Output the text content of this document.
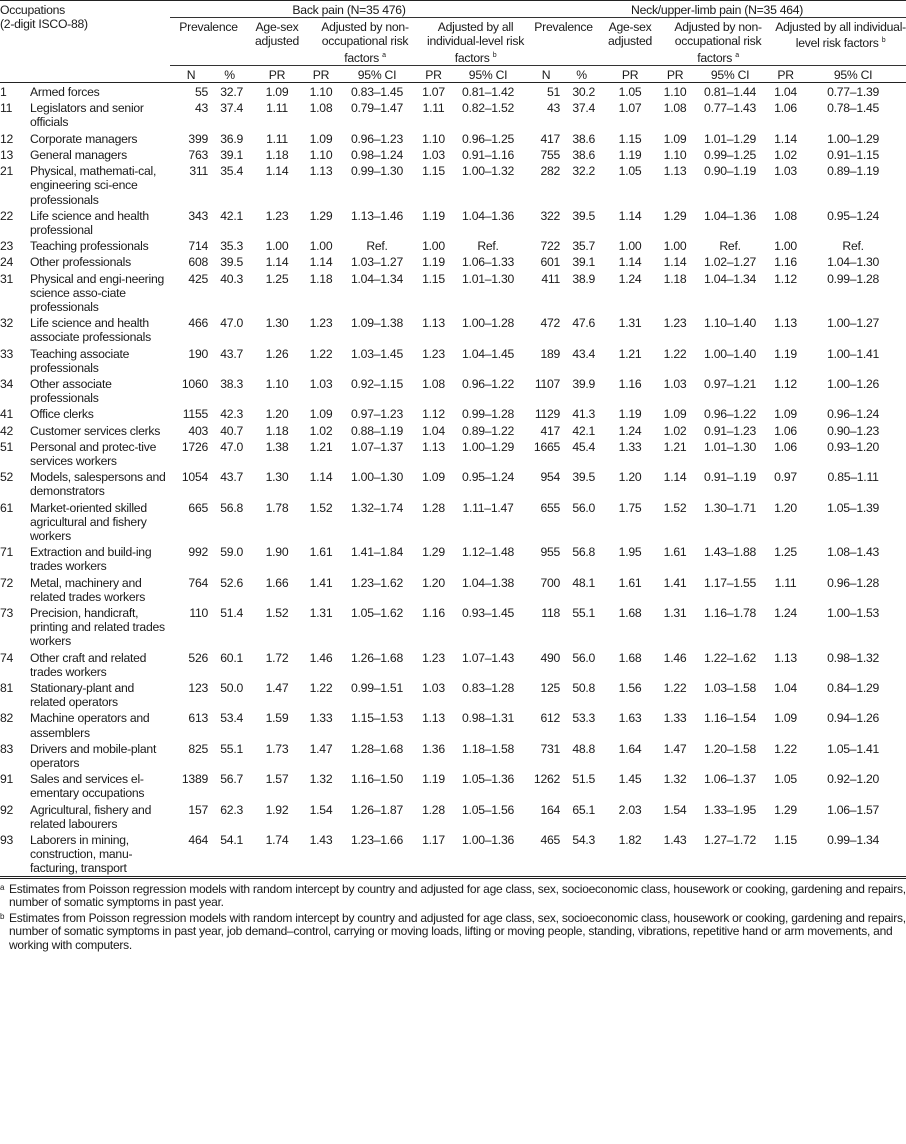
Occupations
(2-digit ISCO-88)		Back pain (N=35 476)							Neck/upper-limb pain (N=35 464)						
		Prevalence		Age-sex adjusted	Adjusted by non-occupational risk factors $^a$		Adjusted by all individual-level risk factors $^b$		Prevalence		Age-sex adjusted	Adjusted by non-occupational risk factors $^a$		Adjusted by all individual-level risk factors $^b$
		N	%	PR	PR	95% CI	PR	95% CI	N	%	PR	PR	95% CI	PR	95% CI
1	Armed forces	55	32.7	1.09	1.10	0.83–1.45	1.07	0.81–1.42	51	30.2	1.05	1.10	0.81–1.44	1.04	0.77–1.39
11	Legislators and senior officials	43	37.4	1.11	1.08	0.79–1.47	1.11	0.82–1.52	43	37.4	1.07	1.08	0.77–1.43	1.06	0.78–1.45
12	Corporate managers	399	36.9	1.11	1.09	0.96–1.23	1.10	0.96–1.25	417	38.6	1.15	1.09	1.01–1.29	1.14	1.00–1.29
13	General managers	763	39.1	1.18	1.10	0.98–1.24	1.03	0.91–1.16	755	38.6	1.19	1.10	0.99–1.25	1.02	0.91–1.15
21	Physical, mathemati-cal, engineering sci-ence professionals	311	35.4	1.14	1.13	0.99–1.30	1.15	1.00–1.32	282	32.2	1.05	1.13	0.90–1.19	1.03	0.89–1.19
22	Life science and health professional	343	42.1	1.23	1.29	1.13–1.46	1.19	1.04–1.36	322	39.5	1.14	1.29	1.04–1.36	1.08	0.95–1.24
23	Teaching professionals	714	35.3	1.00	1.00	Ref.	1.00	Ref.	722	35.7	1.00	1.00	Ref.	1.00	Ref.
24	Other professionals	608	39.5	1.14	1.14	1.03–1.27	1.19	1.06–1.33	601	39.1	1.14	1.14	1.02–1.27	1.16	1.04–1.30
31	Physical and engi-neering science asso-ciate professionals	425	40.3	1.25	1.18	1.04–1.34	1.15	1.01–1.30	411	38.9	1.24	1.18	1.04–1.34	1.12	0.99–1.28
32	Life science and health associate professionals	466	47.0	1.30	1.23	1.09–1.38	1.13	1.00–1.28	472	47.6	1.31	1.23	1.10–1.40	1.13	1.00–1.27
33	Teaching associate professionals	190	43.7	1.26	1.22	1.03–1.45	1.23	1.04–1.45	189	43.4	1.21	1.22	1.00–1.40	1.19	1.00–1.41
34	Other associate professionals	1060	38.3	1.10	1.03	0.92–1.15	1.08	0.96–1.22	1107	39.9	1.16	1.03	0.97–1.21	1.12	1.00–1.26
41	Office clerks	1155	42.3	1.20	1.09	0.97–1.23	1.12	0.99–1.28	1129	41.3	1.19	1.09	0.96–1.22	1.09	0.96–1.24
42	Customer services clerks	403	40.7	1.18	1.02	0.88–1.19	1.04	0.89–1.22	417	42.1	1.24	1.02	0.91–1.23	1.06	0.90–1.23
51	Personal and protec-tive services workers	1726	47.0	1.38	1.21	1.07–1.37	1.13	1.00–1.29	1665	45.4	1.33	1.21	1.01–1.30	1.06	0.93–1.20
52	Models, salespersons and demonstrators	1054	43.7	1.30	1.14	1.00–1.30	1.09	0.95–1.24	954	39.5	1.20	1.14	0.91–1.19	0.97	0.85–1.11
61	Market-oriented skilled agricultural and fishery workers	665	56.8	1.78	1.52	1.32–1.74	1.28	1.11–1.47	655	56.0	1.75	1.52	1.30–1.71	1.20	1.05–1.39
71	Extraction and build-ing trades workers	992	59.0	1.90	1.61	1.41–1.84	1.29	1.12–1.48	955	56.8	1.95	1.61	1.43–1.88	1.25	1.08–1.43
72	Metal, machinery and related trades workers	764	52.6	1.66	1.41	1.23–1.62	1.20	1.04–1.38	700	48.1	1.61	1.41	1.17–1.55	1.11	0.96–1.28
73	Precision, handicraft, printing and related trades workers	110	51.4	1.52	1.31	1.05–1.62	1.16	0.93–1.45	118	55.1	1.68	1.31	1.16–1.78	1.24	1.00–1.53
74	Other craft and related trades workers	526	60.1	1.72	1.46	1.26–1.68	1.23	1.07–1.43	490	56.0	1.68	1.46	1.22–1.62	1.13	0.98–1.32
81	Stationary-plant and related operators	123	50.0	1.47	1.22	0.99–1.51	1.03	0.83–1.28	125	50.8	1.56	1.22	1.03–1.58	1.04	0.84–1.29
82	Machine operators and assemblers	613	53.4	1.59	1.33	1.15–1.53	1.13	0.98–1.31	612	53.3	1.63	1.33	1.16–1.54	1.09	0.94–1.26
83	Drivers and mobile-plant operators	825	55.1	1.73	1.47	1.28–1.68	1.36	1.18–1.58	731	48.8	1.64	1.47	1.20–1.58	1.22	1.05–1.41
91	Sales and services el-ementary occupations	1389	56.7	1.57	1.32	1.16–1.50	1.19	1.05–1.36	1262	51.5	1.45	1.32	1.06–1.37	1.05	0.92–1.20
92	Agricultural, fishery and related labourers	157	62.3	1.92	1.54	1.26–1.87	1.28	1.05–1.56	164	65.1	2.03	1.54	1.33–1.95	1.29	1.06–1.57
93	Laborers in mining, construction, manu-facturing, transport	464	54.1	1.74	1.43	1.23–1.66	1.17	1.00–1.36	465	54.3	1.82	1.43	1.27–1.72	1.15	0.99–1.34
a Estimates from Poisson regression models with random intercept by country and adjusted for age class, sex, socioeconomic class, housework or cooking, gardening and repairs, number of somatic symptoms in past year.
b Estimates from Poisson regression models with random intercept by country and adjusted for age class, sex, socioeconomic class, housework or cooking, gardening and repairs, number of somatic symptoms in past year, job demand–control, carrying or moving loads, lifting or moving people, standing, vibrations, repetitive hand or arm movements, and working with computers.
